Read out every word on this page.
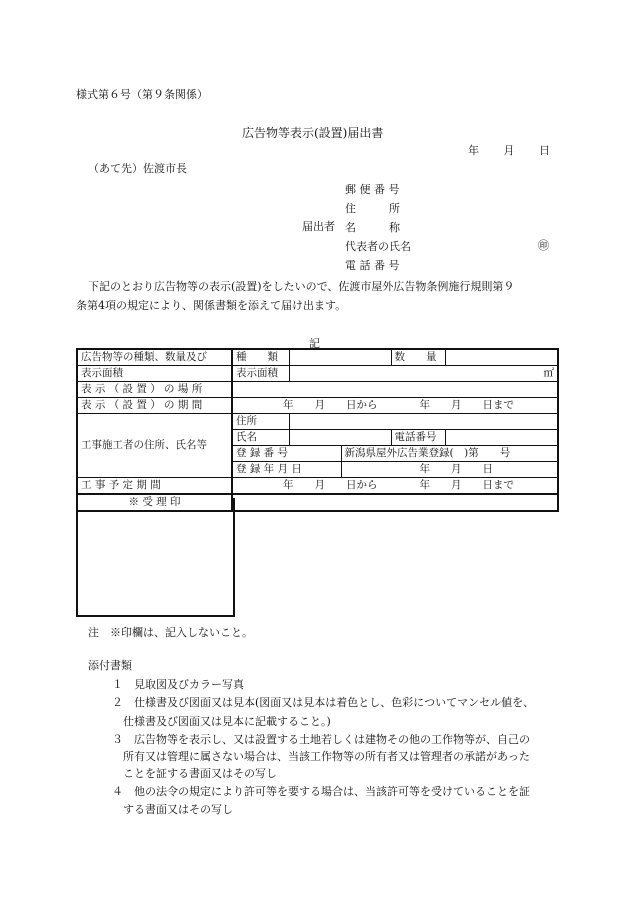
様式第６号（第９条関係）
広告物等表示(設置)届出書
年 月 日
（あて先）佐渡市長
郵 便 番 号
住　　　所
名　　　称
代表者の氏名
電 話 番 号
届出者
㊞
下記のとおり広告物等の表示(設置)をしたいので、佐渡市屋外広告物条例施行規則第９
条第4項の規定により、関係書類を添えて届け出ます。
記
広告物等の種類、数量及び	種　　類			数　　量	
表示面積	表示面積	㎡			
表 示 （ 設 置 ） の 場 所					
表 示 （ 設 置 ） の 期 間	年　　月　　日から　　　　年　　月　　日まで				
工事施工者の住所、氏名等	住所				
	氏名			電話番号	
	登 録 番 号		新潟県屋外広告業登録(　)第　　号		
	登 録 年 月 日		年　　月　　日		
工 事 予 定 期 間	年　　月　　日から　　　　年　　月　　日まで				
※ 受 理 印					
注　※印欄は、記入しないこと。
添付書類
１　見取図及びカラー写真
２　仕様書及び図面又は見本(図面又は見本は着色とし、色彩についてマンセル値を、
　仕様書及び図面又は見本に記載すること。)
３　広告物等を表示し、又は設置する土地若しくは建物その他の工作物等が、自己の
　所有又は管理に属さない場合は、当該工作物等の所有者又は管理者の承諾があった
　ことを証する書面又はその写し
４　他の法令の規定により許可等を要する場合は、当該許可等を受けていることを証
　する書面又はその写し
